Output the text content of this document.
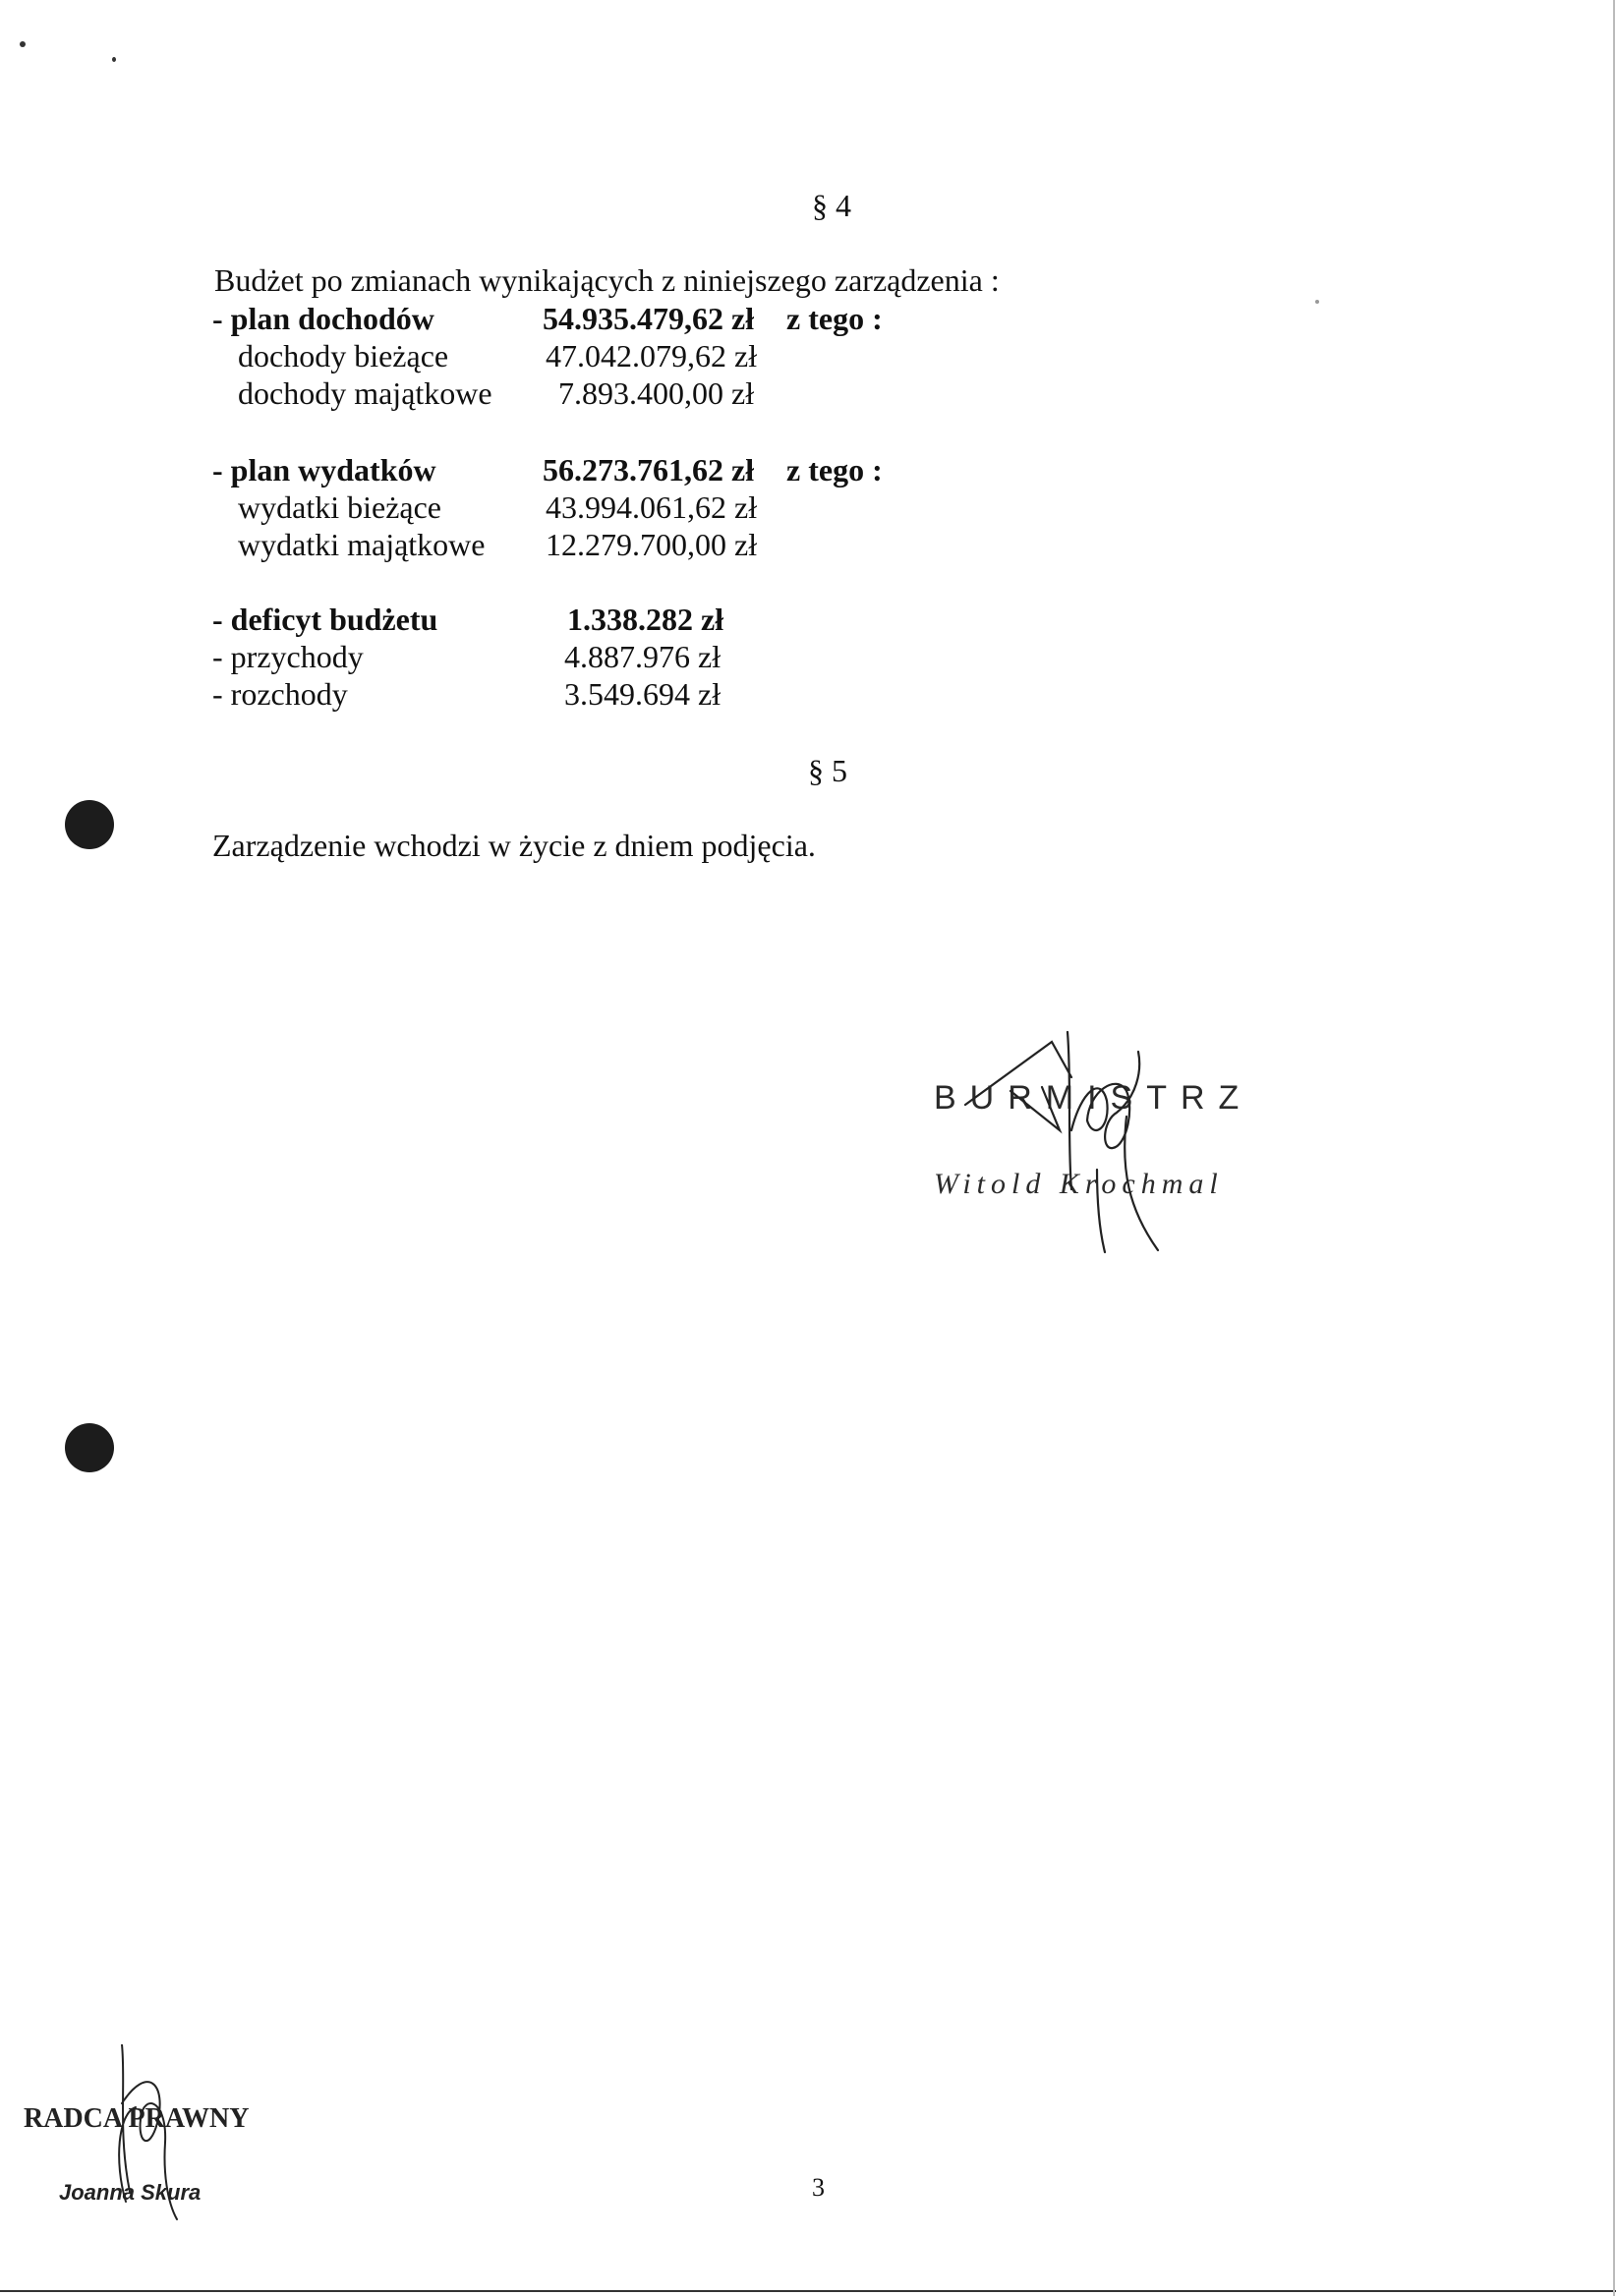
§ 4
Budżet po zmianach wynikających z niniejszego zarządzenia :
- plan dochodów	54.935.479,62 zł z tego :
dochody bieżące	47.042.079,62 zł
dochody majątkowe 7.893.400,00 zł
- plan wydatków	56.273.761,62 zł z tego :
wydatki bieżące	43.994.061,62 zł
wydatki majątkowe 12.279.700,00 zł
- deficyt budżetu	1.338.282 zł
- przychody	4.887.976 zł
- rozchody	3.549.694 zł
§ 5
Zarządzenie wchodzi w życie z dniem podjęcia.
BURMISTRZ
Witold Krochmal
RADCA PRAWNY
Joanna Skura	3
